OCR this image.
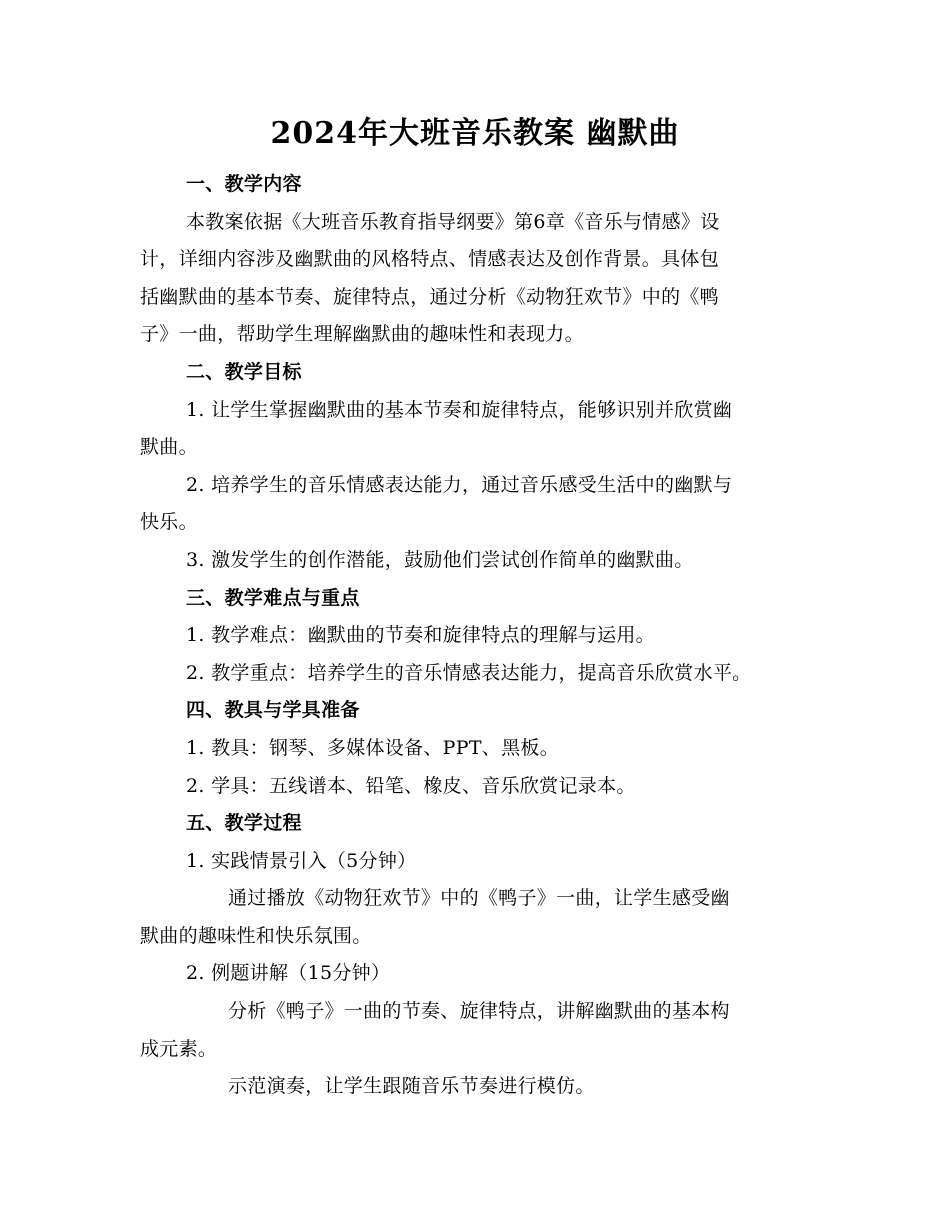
2024年大班音乐教案 幽默曲
一、教学内容
本教案依据《大班音乐教育指导纲要》第6章《音乐与情感》设
计，详细内容涉及幽默曲的风格特点、情感表达及创作背景。具体包
括幽默曲的基本节奏、旋律特点，通过分析《动物狂欢节》中的《鸭
子》一曲，帮助学生理解幽默曲的趣味性和表现力。
二、教学目标
1. 让学生掌握幽默曲的基本节奏和旋律特点，能够识别并欣赏幽
默曲。
2. 培养学生的音乐情感表达能力，通过音乐感受生活中的幽默与
快乐。
3. 激发学生的创作潜能，鼓励他们尝试创作简单的幽默曲。
三、教学难点与重点
1. 教学难点：幽默曲的节奏和旋律特点的理解与运用。
2. 教学重点：培养学生的音乐情感表达能力，提高音乐欣赏水平。
四、教具与学具准备
1. 教具：钢琴、多媒体设备、PPT、黑板。
2. 学具：五线谱本、铅笔、橡皮、音乐欣赏记录本。
五、教学过程
1. 实践情景引入（5分钟）
通过播放《动物狂欢节》中的《鸭子》一曲，让学生感受幽
默曲的趣味性和快乐氛围。
2. 例题讲解（15分钟）
分析《鸭子》一曲的节奏、旋律特点，讲解幽默曲的基本构
成元素。
示范演奏，让学生跟随音乐节奏进行模仿。
